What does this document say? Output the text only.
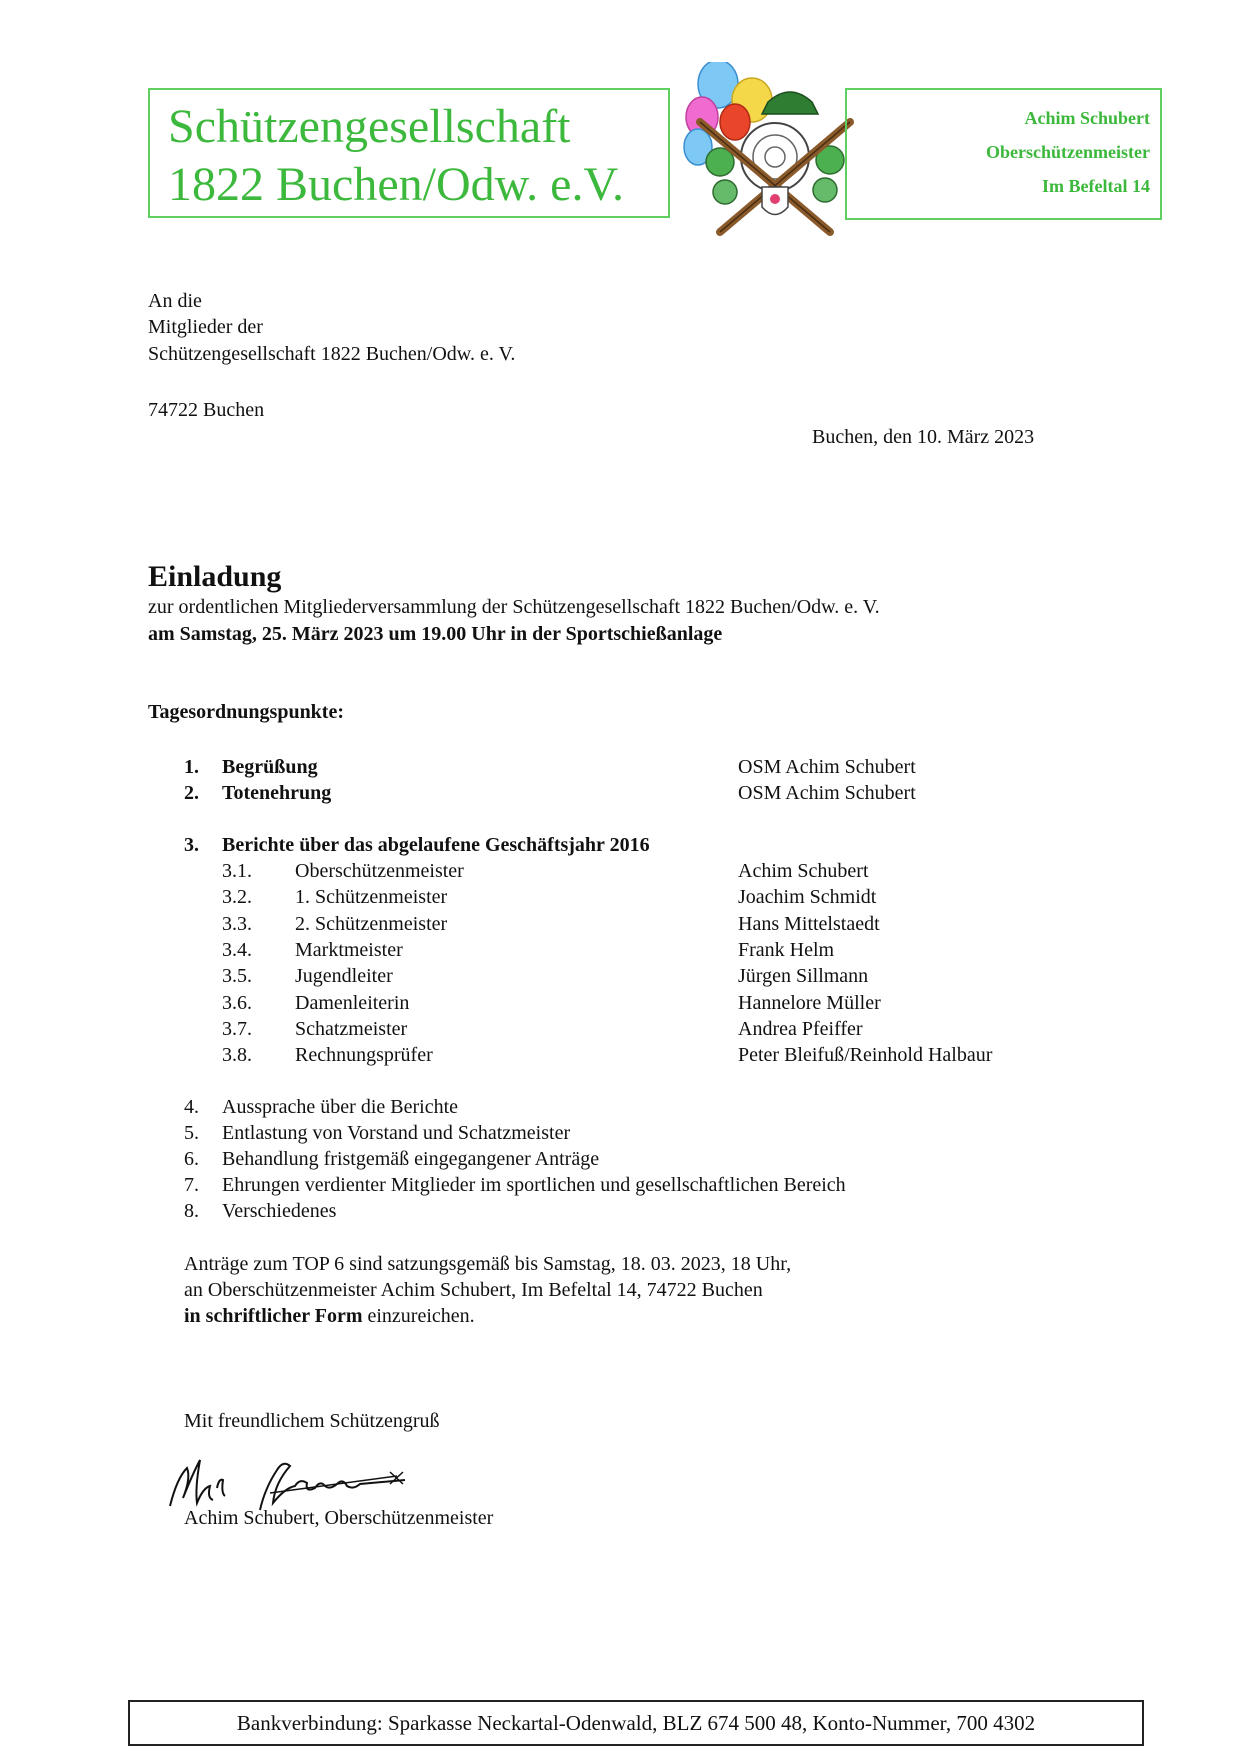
Schützengesellschaft
1822 Buchen/Odw. e.V.
Achim Schubert
Oberschützenmeister
Im Befeltal 14
An die
Mitglieder der
Schützengesellschaft 1822 Buchen/Odw. e. V.
74722 Buchen
Buchen, den 10. März 2023
Einladung
zur ordentlichen Mitgliederversammlung der Schützengesellschaft 1822 Buchen/Odw. e. V.
am Samstag, 25. März 2023 um 19.00 Uhr in der Sportschießanlage
Tagesordnungspunkte:
1. Begrüßung	OSM Achim Schubert
2. Totenehrung	OSM Achim Schubert
3. Berichte über das abgelaufene Geschäftsjahr 2016
3.1. Oberschützenmeister	Achim Schubert
3.2. 1. Schützenmeister	Joachim Schmidt
3.3. 2. Schützenmeister	Hans Mittelstaedt
3.4. Marktmeister	Frank Helm
3.5. Jugendleiter	Jürgen Sillmann
3.6. Damenleiterin	Hannelore Müller
3.7. Schatzmeister	Andrea Pfeiffer
3.8. Rechnungsprüfer	Peter Bleifuß/Reinhold Halbaur
4. Aussprache über die Berichte
5. Entlastung von Vorstand und Schatzmeister
6. Behandlung fristgemäß eingegangener Anträge
7. Ehrungen verdienter Mitglieder im sportlichen und gesellschaftlichen Bereich
8. Verschiedenes
Anträge zum TOP 6 sind satzungsgemäß bis Samstag, 18. 03. 2023, 18 Uhr,
an Oberschützenmeister Achim Schubert, Im Befeltal 14, 74722 Buchen
in schriftlicher Form einzureichen.
Mit freundlichem Schützengruß
Achim Schubert, Oberschützenmeister
Bankverbindung: Sparkasse Neckartal-Odenwald, BLZ 674 500 48, Konto-Nummer, 700 4302
